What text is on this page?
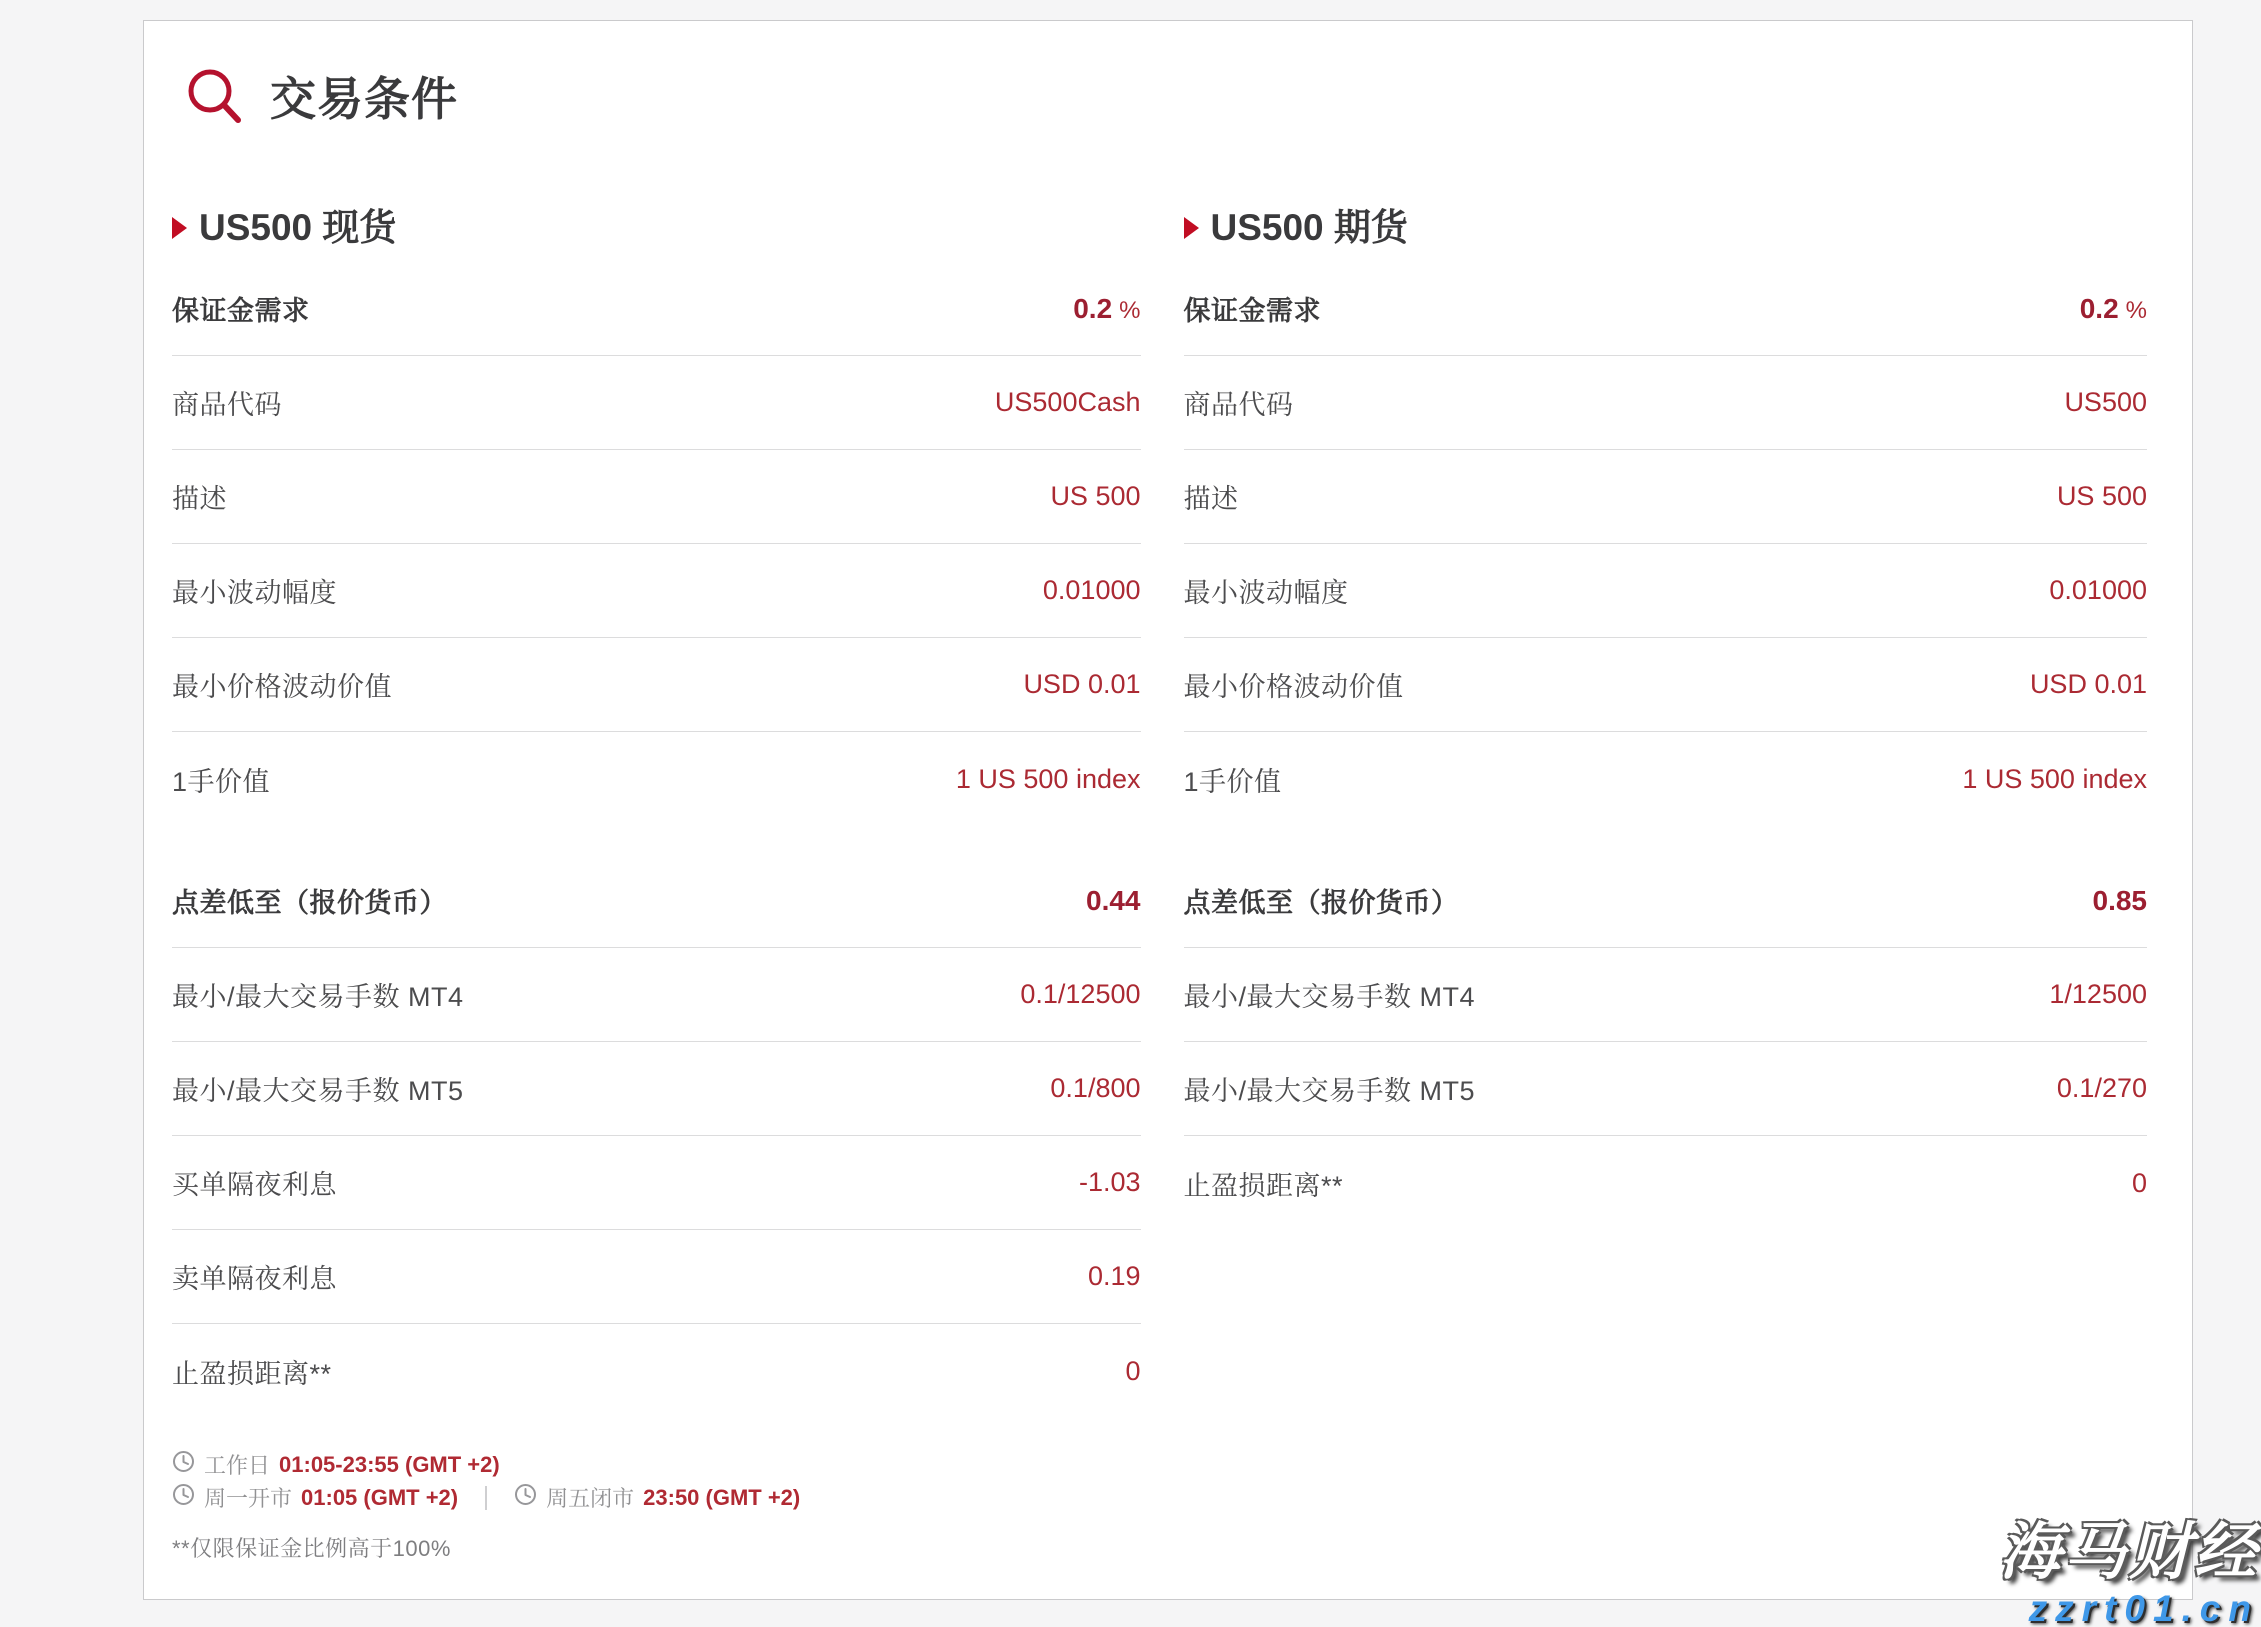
交易条件
US500 现货
保证金需求	0.2 %
商品代码	US500Cash
描述	US 500
最小波动幅度	0.01000
最小价格波动价值	USD 0.01
1手价值	1 US 500 index
点差低至（报价货币）	0.44
最小/最大交易手数 MT4	0.1/12500
最小/最大交易手数 MT5	0.1/800
买单隔夜利息	-1.03
卖单隔夜利息	0.19
止盈损距离**	0
工作日 01:05-23:55 (GMT +2)
周一开市 01:05 (GMT +2)	周五闭市 23:50 (GMT +2)
**仅限保证金比例高于100%
US500 期货
保证金需求	0.2 %
商品代码	US500
描述	US 500
最小波动幅度	0.01000
最小价格波动价值	USD 0.01
1手价值	1 US 500 index
点差低至（报价货币）	0.85
最小/最大交易手数 MT4	1/12500
最小/最大交易手数 MT5	0.1/270
止盈损距离**	0
海马财经
zzrt01.cn
